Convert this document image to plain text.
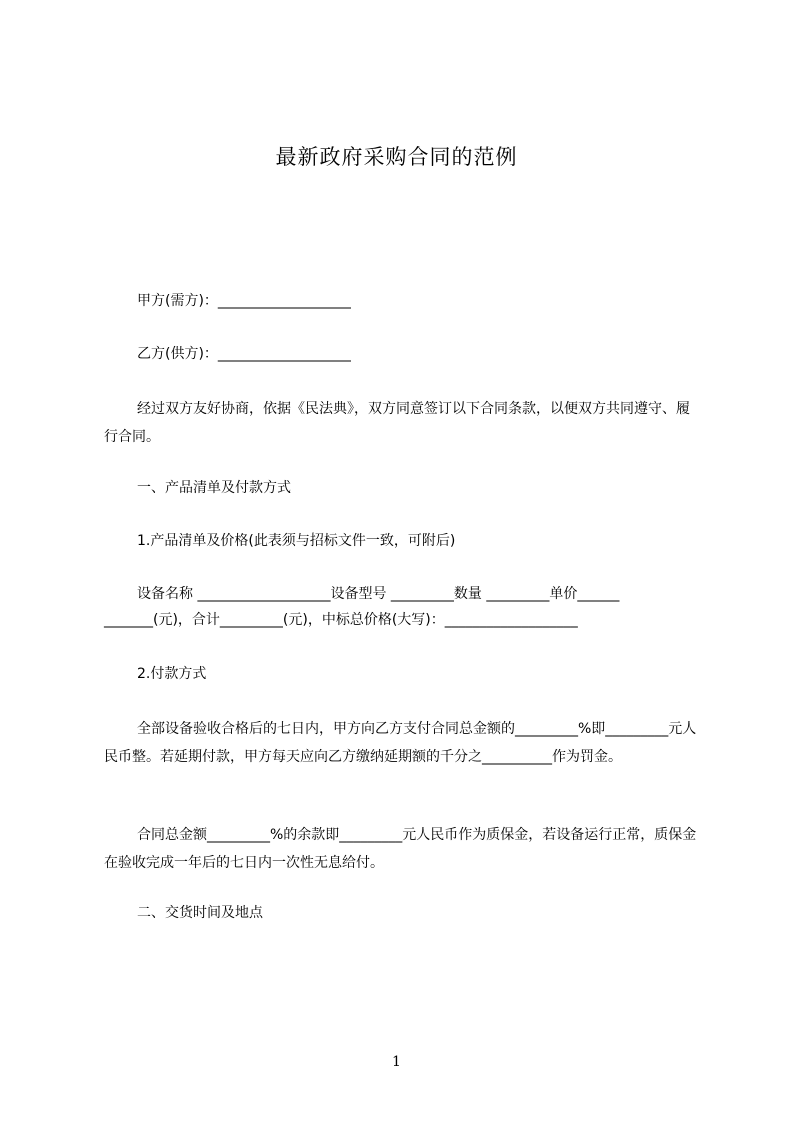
最新政府采购合同的范例
甲方(需方)：___________________
乙方(供方)：___________________
经过双方友好协商，依据《民法典》，双方同意签订以下合同条款，以便双方共同遵守、履行合同。
一、产品清单及付款方式
1.产品清单及价格(此表须与招标文件一致，可附后)
设备名称 ___________________设备型号 _________数量 _________单价______
_______(元)，合计_________(元)，中标总价格(大写)：___________________
2.付款方式
全部设备验收合格后的七日内，甲方向乙方支付合同总金额的_________%即_________元人民币整。若延期付款，甲方每天应向乙方缴纳延期额的千分之__________作为罚金。
合同总金额_________%的余款即_________元人民币作为质保金，若设备运行正常，质保金在验收完成一年后的七日内一次性无息给付。
二、交货时间及地点
1
